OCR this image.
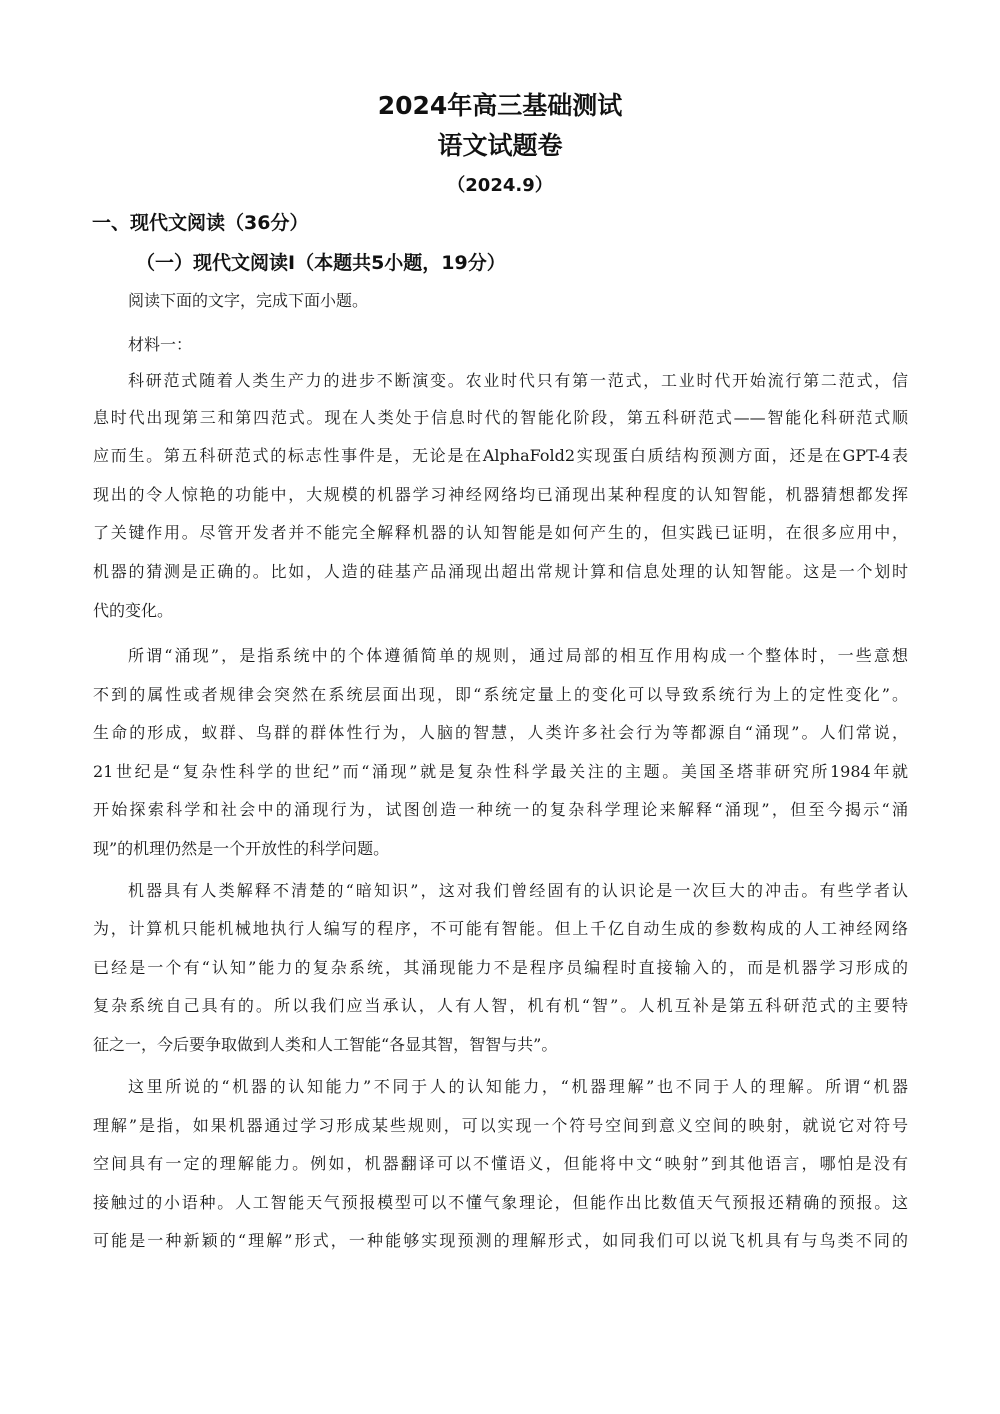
2024年高三基础测试
语文试题卷
（2024.9）
一、现代文阅读（36分）
（一）现代文阅读I（本题共5小题，19分）
阅读下面的文字，完成下面小题。
材料一：
科研范式随着人类生产力的进步不断演变。农业时代只有第一范式，工业时代开始流行第二范式，信
息时代出现第三和第四范式。现在人类处于信息时代的智能化阶段，第五科研范式——智能化科研范式顺
应而生。第五科研范式的标志性事件是，无论是在AlphaFold2实现蛋白质结构预测方面，还是在GPT-4表
现出的令人惊艳的功能中，大规模的机器学习神经网络均已涌现出某种程度的认知智能，机器猜想都发挥
了关键作用。尽管开发者并不能完全解释机器的认知智能是如何产生的，但实践已证明，在很多应用中，
机器的猜测是正确的。比如，人造的硅基产品涌现出超出常规计算和信息处理的认知智能。这是一个划时
代的变化。
所谓“涌现”，是指系统中的个体遵循简单的规则，通过局部的相互作用构成一个整体时，一些意想
不到的属性或者规律会突然在系统层面出现，即“系统定量上的变化可以导致系统行为上的定性变化”。
生命的形成，蚁群、鸟群的群体性行为，人脑的智慧，人类许多社会行为等都源自“涌现”。人们常说，
21世纪是“复杂性科学的世纪”而“涌现”就是复杂性科学最关注的主题。美国圣塔菲研究所1984年就
开始探索科学和社会中的涌现行为，试图创造一种统一的复杂科学理论来解释“涌现”，但至今揭示“涌
现”的机理仍然是一个开放性的科学问题。
机器具有人类解释不清楚的“暗知识”，这对我们曾经固有的认识论是一次巨大的冲击。有些学者认
为，计算机只能机械地执行人编写的程序，不可能有智能。但上千亿自动生成的参数构成的人工神经网络
已经是一个有“认知”能力的复杂系统，其涌现能力不是程序员编程时直接输入的，而是机器学习形成的
复杂系统自己具有的。所以我们应当承认，人有人智，机有机“智”。人机互补是第五科研范式的主要特
征之一，今后要争取做到人类和人工智能“各显其智，智智与共”。
这里所说的“机器的认知能力”不同于人的认知能力，“机器理解”也不同于人的理解。所谓“机器
理解”是指，如果机器通过学习形成某些规则，可以实现一个符号空间到意义空间的映射，就说它对符号
空间具有一定的理解能力。例如，机器翻译可以不懂语义，但能将中文“映射”到其他语言，哪怕是没有
接触过的小语种。人工智能天气预报模型可以不懂气象理论，但能作出比数值天气预报还精确的预报。这
可能是一种新颖的“理解”形式，一种能够实现预测的理解形式，如同我们可以说飞机具有与鸟类不同的
